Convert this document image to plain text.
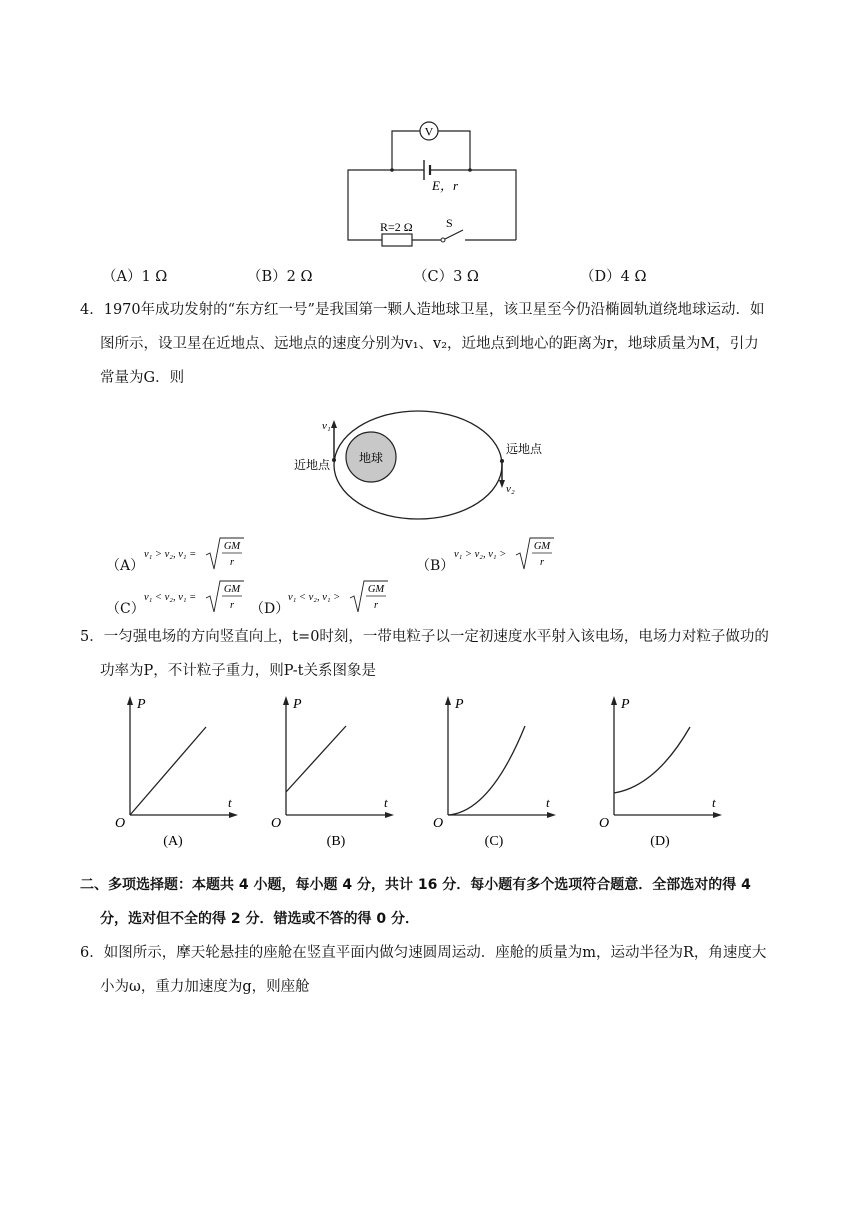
V
E，r
R=2 Ω	S
（A）1 Ω	（B）2 Ω	（C）3 Ω	（D）4 Ω
4．1970年成功发射的“东方红一号”是我国第一颗人造地球卫星，该卫星至今仍沿椭圆轨道绕地球运动．如
图所示，设卫星在近地点、远地点的速度分别为v₁、v₂，近地点到地心的距离为r，地球质量为M，引力
常量为G．则
地球
v₁
近地点
远地点
v₂
（A）
v₁ > v₂, v₁ =
GM
r	（B）
v₁ > v₂, v₁ >
GM
r
（C）
v₁ < v₂, v₁ =
GM
r （D）
v₁ < v₂, v₁ >
GM
r
5．一匀强电场的方向竖直向上，t=0时刻，一带电粒子以一定初速度水平射入该电场，电场力对粒子做功的
功率为P，不计粒子重力，则P-t关系图象是
P
t
O
(A)
P
t
O
(B)
P
t
O
(C)
P
t
O
(D)
二、多项选择题：本题共 4 小题，每小题 4 分，共计 16 分．每小题有多个选项符合题意．全部选对的得 4
分，选对但不全的得 2 分．错选或不答的得 0 分．
6．如图所示，摩天轮悬挂的座舱在竖直平面内做匀速圆周运动．座舱的质量为m，运动半径为R，角速度大
小为ω，重力加速度为g，则座舱
